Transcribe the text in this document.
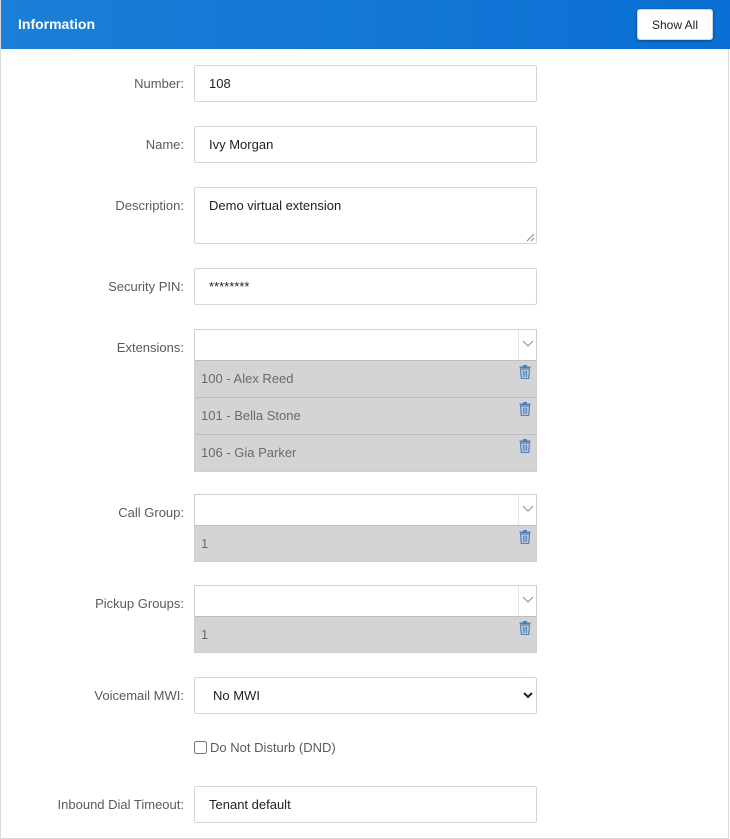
Information	Show All
Number:
108
Name:
Ivy Morgan
Description:
Demo virtual extension
Security PIN:
********
Extensions:
100 - Alex Reed
101 - Bella Stone
106 - Gia Parker
Call Group:
1
Pickup Groups:
1
Voicemail MWI:
No MWI
Do Not Disturb (DND)
Inbound Dial Timeout:
Tenant default
